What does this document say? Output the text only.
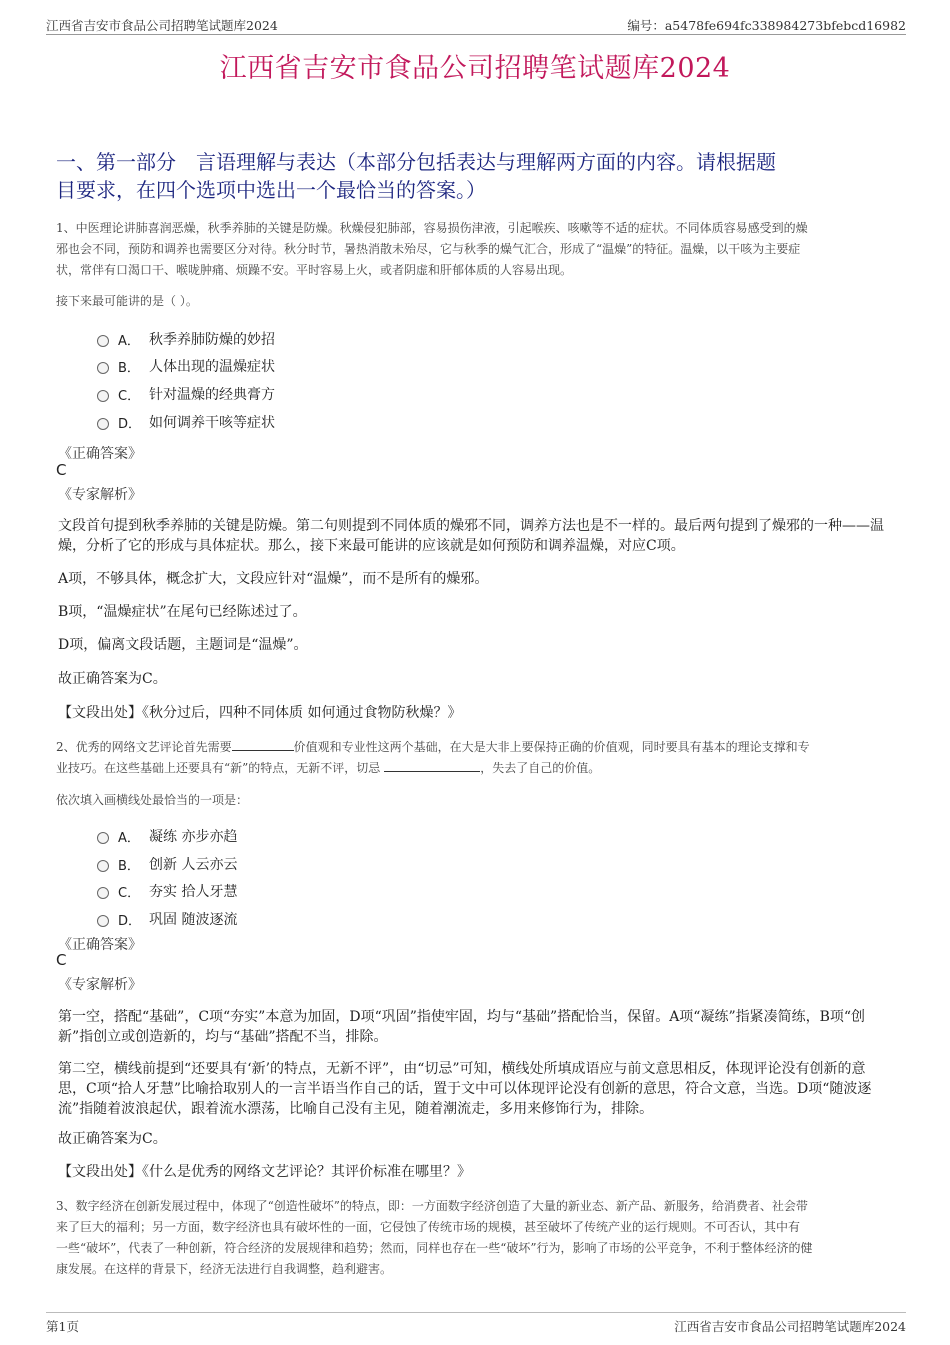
江西省吉安市食品公司招聘笔试题库2024	编号：a5478fe694fc338984273bfebcd16982
江西省吉安市食品公司招聘笔试题库2024
一、第一部分　言语理解与表达（本部分包括表达与理解两方面的内容。请根据题
目要求，在四个选项中选出一个最恰当的答案。）
1、中医理论讲肺喜润恶燥，秋季养肺的关键是防燥。秋燥侵犯肺部，容易损伤津液，引起喉疾、咳嗽等不适的症状。不同体质容易感受到的燥
邪也会不同，预防和调养也需要区分对待。秋分时节，暑热消散未殆尽，它与秋季的燥气汇合，形成了“温燥”的特征。温燥，以干咳为主要症
状，常伴有口渴口干、喉咙肿痛、烦躁不安。平时容易上火，或者阴虚和肝郁体质的人容易出现。
接下来最可能讲的是（ ）。
A． 秋季养肺防燥的妙招
B． 人体出现的温燥症状
C． 针对温燥的经典膏方
D． 如何调养干咳等症状
《正确答案》
C
《专家解析》
文段首句提到秋季养肺的关键是防燥。第二句则提到不同体质的燥邪不同，调养方法也是不一样的。最后两句提到了燥邪的一种——温燥，分析了它的形成与具体症状。那么，接下来最可能讲的应该就是如何预防和调养温燥，对应C项。
A项，不够具体，概念扩大，文段应针对“温燥”，而不是所有的燥邪。
B项，“温燥症状”在尾句已经陈述过了。
D项，偏离文段话题，主题词是“温燥”。
故正确答案为C。
【文段出处】《秋分过后，四种不同体质 如何通过食物防秋燥？》
2、优秀的网络文艺评论首先需要	价值观和专业性这两个基础，在大是大非上要保持正确的价值观，同时要具有基本的理论支撑和专
业技巧。在这些基础上还要具有“新”的特点，无新不评，切忌	，失去了自己的价值。
依次填入画横线处最恰当的一项是：
A． 凝练 亦步亦趋
B． 创新 人云亦云
C． 夯实 拾人牙慧
D． 巩固 随波逐流
《正确答案》
C
《专家解析》
第一空，搭配“基础”，C项“夯实”本意为加固，D项“巩固”指使牢固，均与“基础”搭配恰当，保留。A项“凝练”指紧凑简练，B项“创新”指创立或创造新的，均与“基础”搭配不当，排除。
第二空，横线前提到“还要具有‘新’的特点，无新不评”，由“切忌”可知，横线处所填成语应与前文意思相反，体现评论没有创新的意思，C项“拾人牙慧”比喻拾取别人的一言半语当作自己的话，置于文中可以体现评论没有创新的意思，符合文意，当选。D项“随波逐流”指随着波浪起伏，跟着流水漂荡，比喻自己没有主见，随着潮流走，多用来修饰行为，排除。
故正确答案为C。
【文段出处】《什么是优秀的网络文艺评论？其评价标准在哪里？》
3、数字经济在创新发展过程中，体现了“创造性破坏”的特点，即：一方面数字经济创造了大量的新业态、新产品、新服务，给消费者、社会带
来了巨大的福利；另一方面，数字经济也具有破坏性的一面，它侵蚀了传统市场的规模，甚至破坏了传统产业的运行规则。不可否认，其中有
一些“破坏”，代表了一种创新，符合经济的发展规律和趋势；然而，同样也存在一些“破坏”行为，影响了市场的公平竞争，不利于整体经济的健
康发展。在这样的背景下，经济无法进行自我调整，趋利避害。
第1页	江西省吉安市食品公司招聘笔试题库2024
